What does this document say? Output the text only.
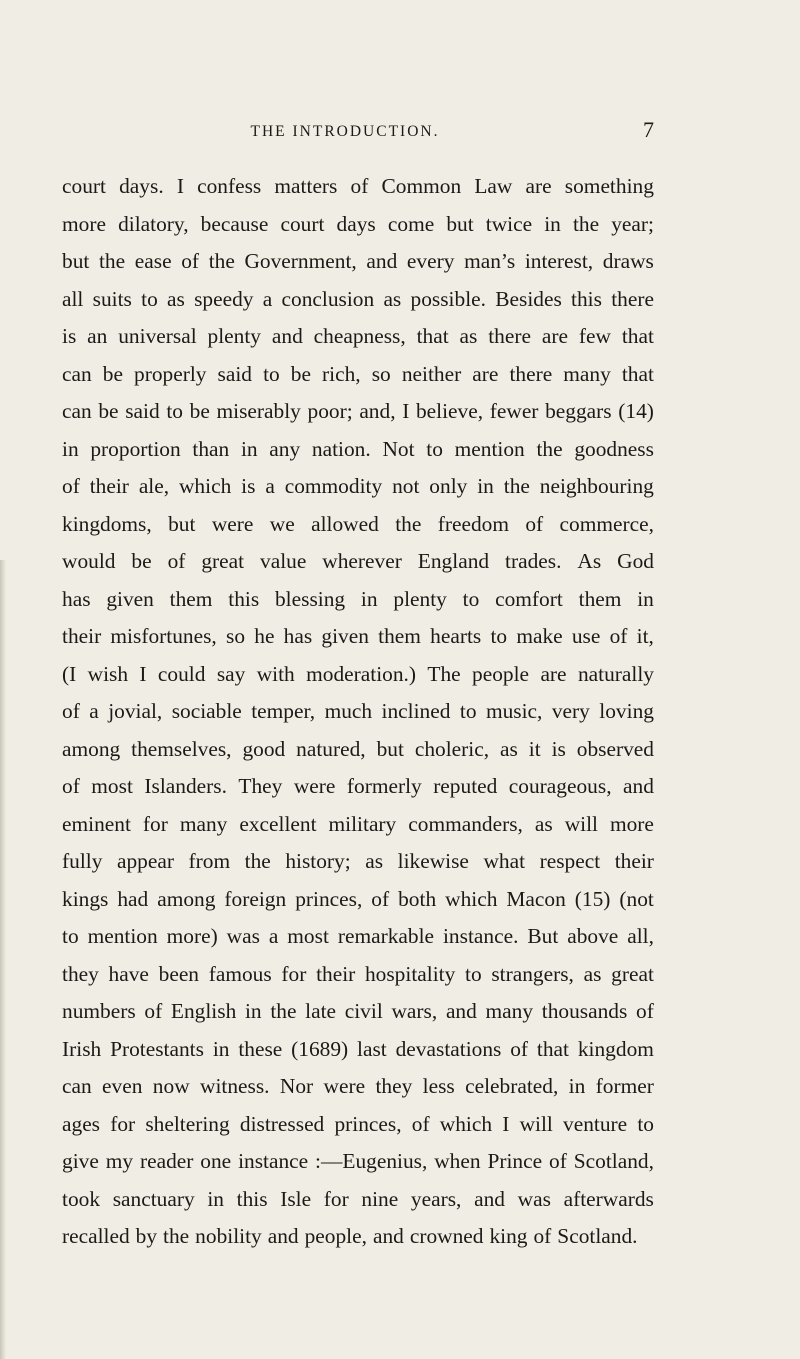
THE INTRODUCTION.	7
court days. I confess matters of Common Law are something
more dilatory, because court days come but twice in the year;
but the ease of the Government, and every man’s interest, draws
all suits to as speedy a conclusion as possible. Besides this there
is an universal plenty and cheapness, that as there are few that
can be properly said to be rich, so neither are there many that
can be said to be miserably poor; and, I believe, fewer beggars (14)
in proportion than in any nation. Not to mention the goodness
of their ale, which is a commodity not only in the neighbouring
kingdoms, but were we allowed the freedom of commerce,
would be of great value wherever England trades. As God
has given them this blessing in plenty to comfort them in
their misfortunes, so he has given them hearts to make use of it,
(I wish I could say with moderation.) The people are naturally
of a jovial, sociable temper, much inclined to music, very loving
among themselves, good natured, but choleric, as it is observed
of most Islanders. They were formerly reputed courageous, and
eminent for many excellent military commanders, as will more
fully appear from the history; as likewise what respect their
kings had among foreign princes, of both which Macon (15) (not
to mention more) was a most remarkable instance. But above all,
they have been famous for their hospitality to strangers, as great
numbers of English in the late civil wars, and many thousands of
Irish Protestants in these (1689) last devastations of that kingdom
can even now witness. Nor were they less celebrated, in former
ages for sheltering distressed princes, of which I will venture to
give my reader one instance :—Eugenius, when Prince of Scotland,
took sanctuary in this Isle for nine years, and was afterwards
recalled by the nobility and people, and crowned king of Scotland.
